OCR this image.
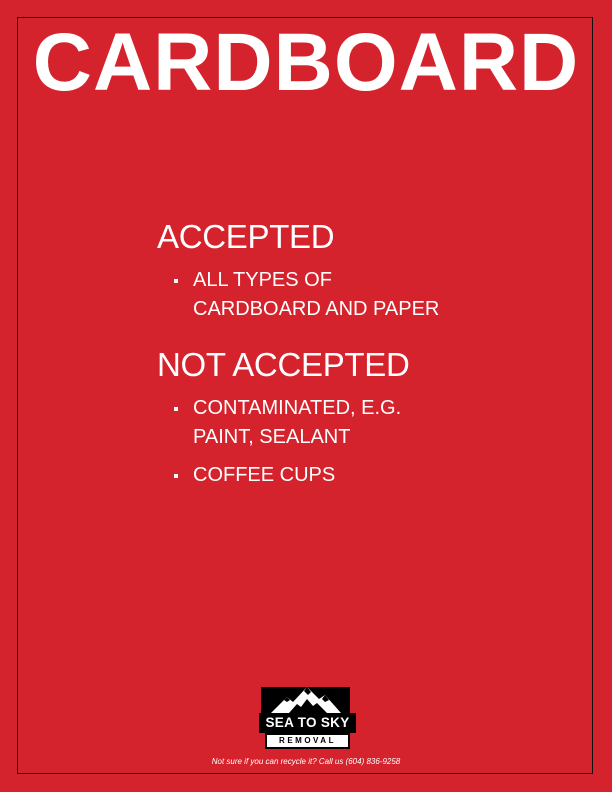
CARDBOARD
ACCEPTED
ALL TYPES OF CARDBOARD AND PAPER
NOT ACCEPTED
CONTAMINATED, E.G. PAINT, SEALANT
COFFEE CUPS
SEA TO SKY
REMOVAL
Not sure if you can recycle it? Call us (604) 836-9258
